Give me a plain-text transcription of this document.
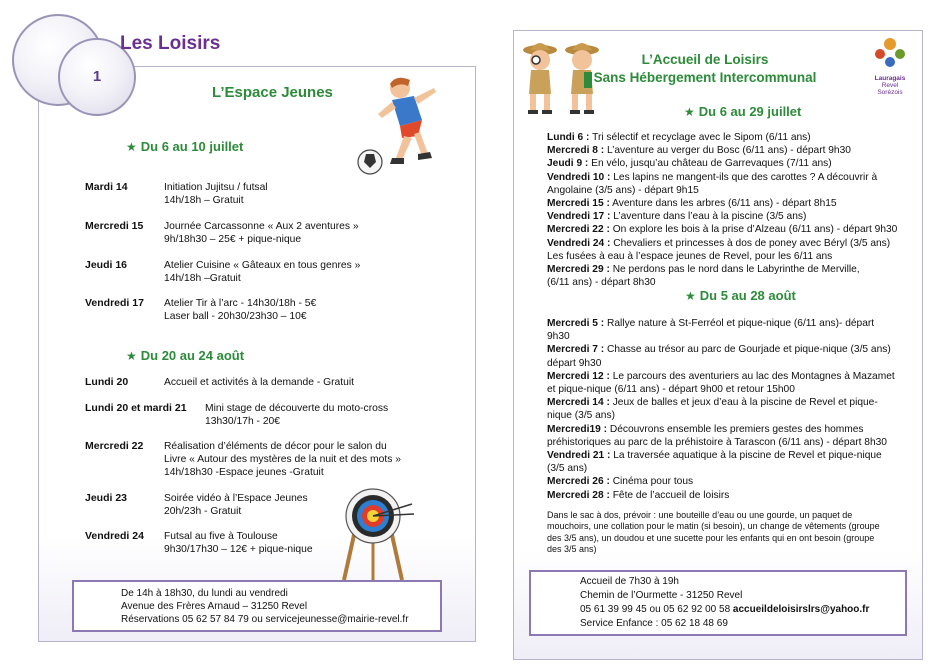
1
Les Loisirs
L’Espace Jeunes
★ Du 6 au 10 juillet
Mardi 14	Initiation Jujitsu / futsal
14h/18h – Gratuit
Mercredi 15 Journée Carcassonne « Aux 2 aventures »
9h/18h30 – 25€ + pique-nique
Jeudi 16	Atelier Cuisine « Gâteaux en tous genres »
14h/18h –Gratuit
Vendredi 17 Atelier Tir à l’arc - 14h30/18h - 5€
Laser ball - 20h30/23h30 – 10€
★ Du 20 au 24 août
Lundi 20	Accueil et activités à la demande - Gratuit
Lundi 20 et mardi 21 Mini stage de découverte du moto-cross
13h30/17h - 20€
Mercredi 22 Réalisation d’éléments de décor pour le salon du
Livre « Autour des mystères de la nuit et des mots »
14h/18h30 -Espace jeunes -Gratuit
Jeudi 23	Soirée vidéo à l’Espace Jeunes
20h/23h - Gratuit
Vendredi 24 Futsal au five à Toulouse
9h30/17h30 – 12€ + pique-nique
De 14h à 18h30, du lundi au vendredi
Avenue des Frères Arnaud – 31250 Revel
Réservations 05 62 57 84 79 ou servicejeunesse@mairie-revel.fr
L’Accueil de Loisirs
Sans Hébergement Intercommunal	Lauragais
Revel
Sorézois
★ Du 6 au 29 juillet
Lundi 6 : Tri sélectif et recyclage avec le Sipom (6/11 ans)
Mercredi 8 : L’aventure au verger du Bosc (6/11 ans) - départ 9h30
Jeudi 9 : En vélo, jusqu’au château de Garrevaques (7/11 ans)
Vendredi 10 : Les lapins ne mangent-ils que des carottes ? A découvrir à
Angolaine (3/5 ans) - départ 9h15
Mercredi 15 : Aventure dans les arbres (6/11 ans) - départ 8h15
Vendredi 17 : L’aventure dans l’eau à la piscine (3/5 ans)
Mercredi 22 : On explore les bois à la prise d’Alzeau (6/11 ans) - départ 9h30
Vendredi 24 : Chevaliers et princesses à dos de poney avec Béryl (3/5 ans)
Les fusées à eau à l’espace jeunes de Revel, pour les 6/11 ans
Mercredi 29 : Ne perdons pas le nord dans le Labyrinthe de Merville,
(6/11 ans) - départ 8h30
★ Du 5 au 28 août
Mercredi 5 : Rallye nature à St-Ferréol et pique-nique (6/11 ans)- départ
9h30
Mercredi 7 : Chasse au trésor au parc de Gourjade et pique-nique (3/5 ans)
départ 9h30
Mercredi 12 : Le parcours des aventuriers au lac des Montagnes à Mazamet
et pique-nique (6/11 ans) - départ 9h00 et retour 15h00
Mercredi 14 : Jeux de balles et jeux d’eau à la piscine de Revel et pique-
nique (3/5 ans)
Mercredi19 : Découvrons ensemble les premiers gestes des hommes
préhistoriques au parc de la préhistoire à Tarascon (6/11 ans) - départ 8h30
Vendredi 21 : La traversée aquatique à la piscine de Revel et pique-nique
(3/5 ans)
Mercredi 26 : Cinéma pour tous
Mercredi 28 : Fête de l’accueil de loisirs
Dans le sac à dos, prévoir : une bouteille d’eau ou une gourde, un paquet de
mouchoirs, une collation pour le matin (si besoin), un change de vêtements (groupe
des 3/5 ans), un doudou et une sucette pour les enfants qui en ont besoin (groupe
des 3/5 ans)
Accueil de 7h30 à 19h
Chemin de l’Ourmette - 31250 Revel
05 61 39 99 45 ou 05 62 92 00 58 accueildeloisirslrs@yahoo.fr
Service Enfance : 05 62 18 48 69
